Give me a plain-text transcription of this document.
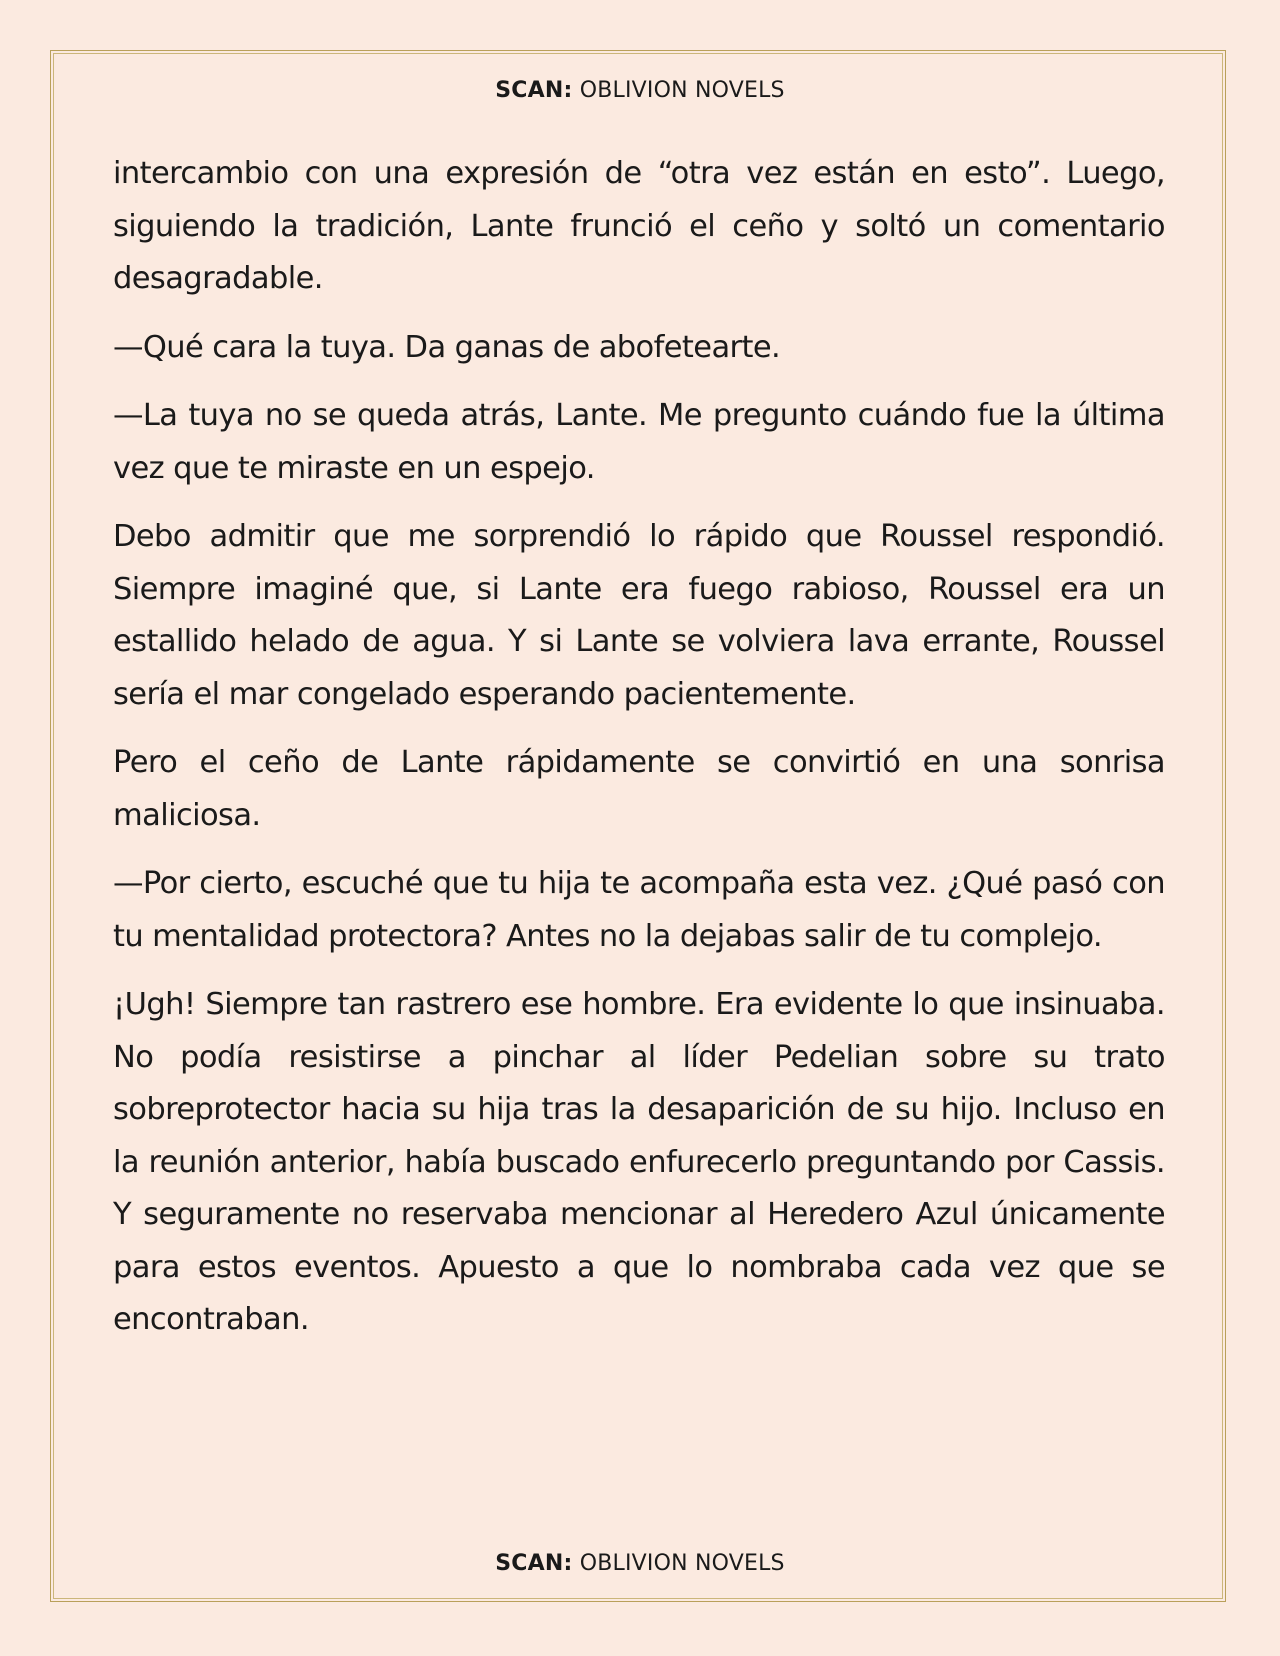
SCAN: OBLIVION NOVELS

intercambio con una expresión de “otra vez están en esto”. Luego, siguiendo la tradición, Lante frunció el ceño y soltó un comentario desagradable.

—Qué cara la tuya. Da ganas de abofetearte.

—La tuya no se queda atrás, Lante. Me pregunto cuándo fue la última vez que te miraste en un espejo.

Debo admitir que me sorprendió lo rápido que Roussel respondió. Siempre imaginé que, si Lante era fuego rabioso, Roussel era un estallido helado de agua. Y si Lante se volviera lava errante, Roussel sería el mar congelado esperando pacientemente.

Pero el ceño de Lante rápidamente se convirtió en una sonrisa maliciosa.

—Por cierto, escuché que tu hija te acompaña esta vez. ¿Qué pasó con tu mentalidad protectora? Antes no la dejabas salir de tu complejo.

¡Ugh! Siempre tan rastrero ese hombre. Era evidente lo que insinuaba. No podía resistirse a pinchar al líder Pedelian sobre su trato sobreprotector hacia su hija tras la desaparición de su hijo. Incluso en la reunión anterior, había buscado enfurecerlo preguntando por Cassis. Y seguramente no reservaba mencionar al Heredero Azul únicamente para estos eventos. Apuesto a que lo nombraba cada vez que se encontraban.

SCAN: OBLIVION NOVELS
